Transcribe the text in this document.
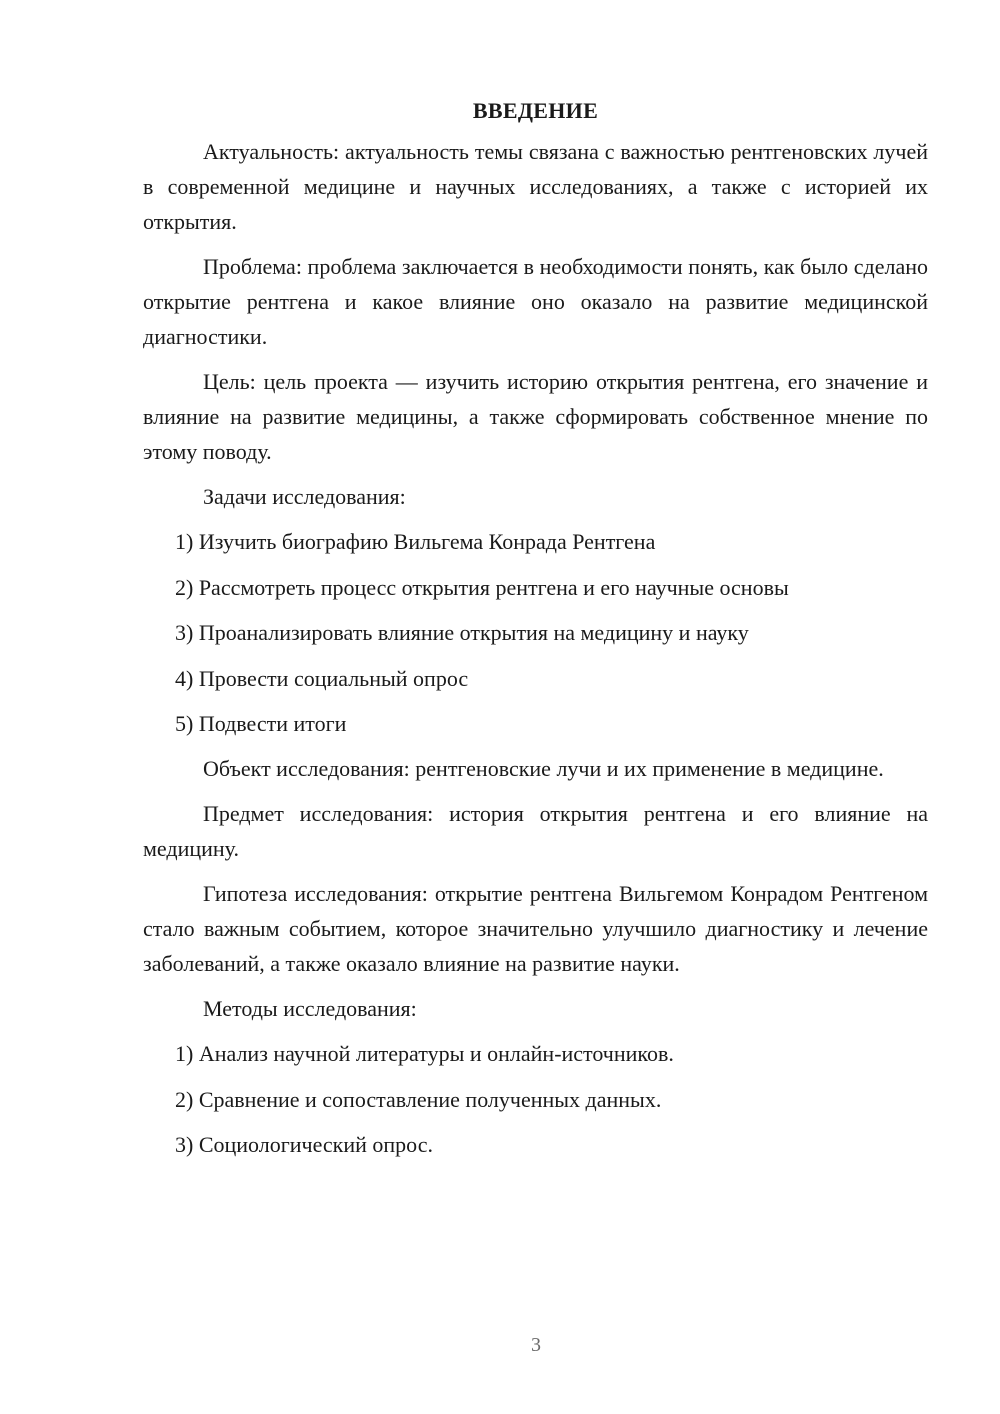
ВВЕДЕНИЕ

Актуальность: актуальность темы связана с важностью рентгеновских лучей в современной медицине и научных исследованиях, а также с историей их открытия.

Проблема: проблема заключается в необходимости понять, как было сделано открытие рентгена и какое влияние оно оказало на развитие медицинской диагностики.

Цель: цель проекта — изучить историю открытия рентгена, его значение и влияние на развитие медицины, а также сформировать собственное мнение по этому поводу.

Задачи исследования:

1) Изучить биографию Вильгема Конрада Рентгена
2) Рассмотреть процесс открытия рентгена и его научные основы
3) Проанализировать влияние открытия на медицину и науку
4) Провести социальный опрос
5) Подвести итоги

Объект исследования: рентгеновские лучи и их применение в медицине.

Предмет исследования: история открытия рентгена и его влияние на медицину.

Гипотеза исследования: открытие рентгена Вильгемом Конрадом Рентгеном стало важным событием, которое значительно улучшило диагностику и лечение заболеваний, а также оказало влияние на развитие науки.

Методы исследования:

1) Анализ научной литературы и онлайн-источников.
2) Сравнение и сопоставление полученных данных.
3) Социологический опрос.
3
